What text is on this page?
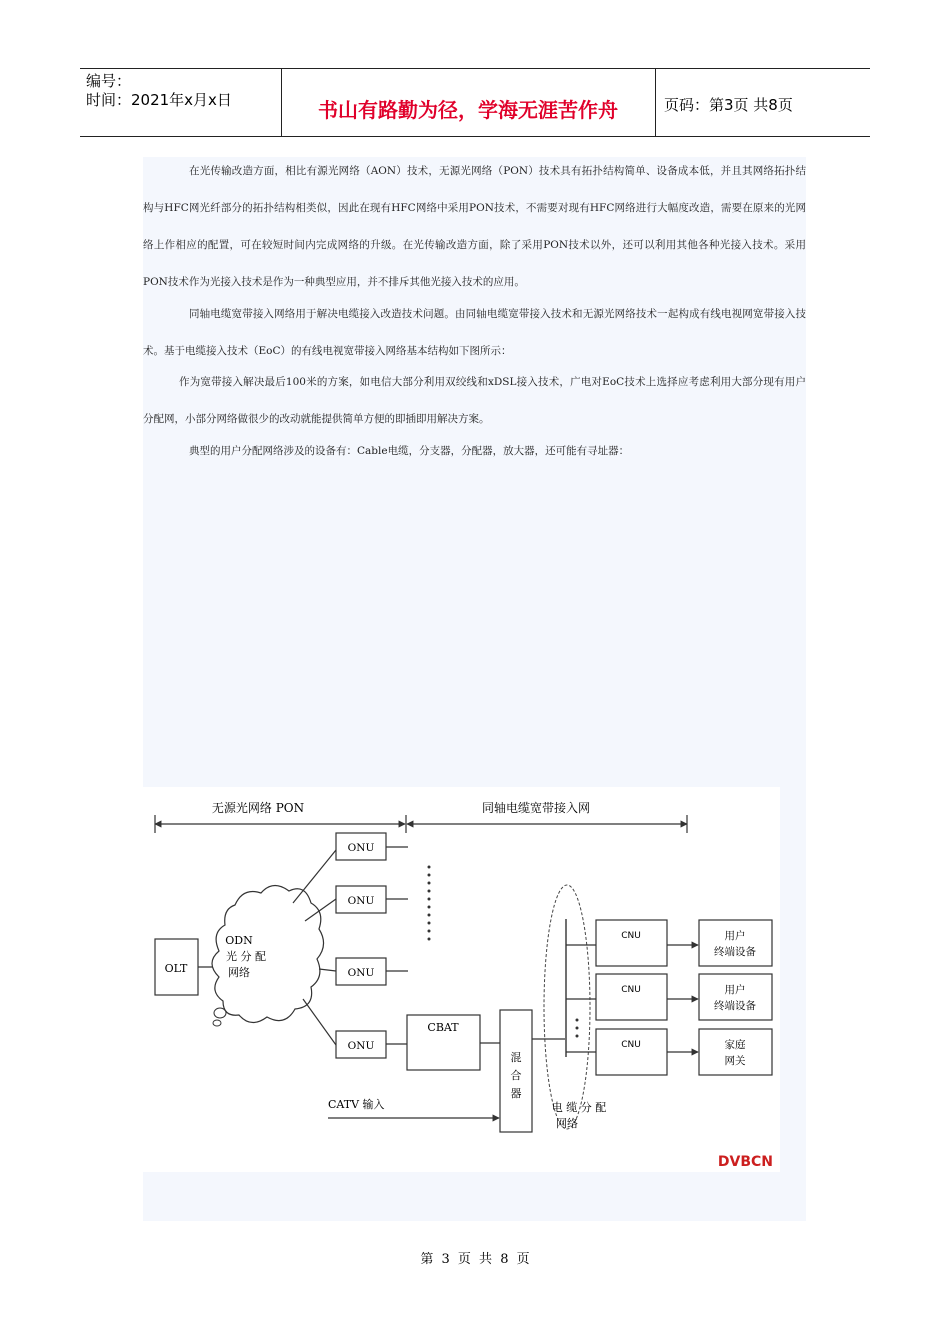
编号：
时间：2021年x月x日	书山有路勤为径，学海无涯苦作舟	页码：第3页 共8页

在光传输改造方面，相比有源光网络（AON）技术，无源光网络（PON）技术具有拓扑结构简单、设备成本低，并且其网络拓扑结构与HFC网光纤部分的拓扑结构相类似，因此在现有HFC网络中采用PON技术，不需要对现有HFC网络进行大幅度改造，需要在原来的光网络上作相应的配置，可在较短时间内完成网络的升级。在光传输改造方面，除了采用PON技术以外，还可以利用其他各种光接入技术。采用PON技术作为光接入技术是作为一种典型应用，并不排斥其他光接入技术的应用。

同轴电缆宽带接入网络用于解决电缆接入改造技术问题。由同轴电缆宽带接入技术和无源光网络技术一起构成有线电视网宽带接入技术。基于电缆接入技术（EoC）的有线电视宽带接入网络基本结构如下图所示：

作为宽带接入解决最后100米的方案，如电信大部分利用双绞线和xDSL接入技术，广电对EoC技术上选择应考虑利用大部分现有用户分配网，小部分网络做很少的改动就能提供简单方便的即插即用解决方案。

典型的用户分配网络涉及的设备有：Cable电缆，分支器，分配器，放大器，还可能有寻址器：

无源光网络 PON	同轴电缆宽带接入网
OLT
ODN
光 分 配
网络
ONU
ONU
ONU
ONU
CBAT
混
合
器
CATV 输入	电 缆 分 配
网络
CNU
CNU
CNU
用户
终端设备
用户
终端设备
家庭
网关
DVBCN
第 3 页 共 8 页
